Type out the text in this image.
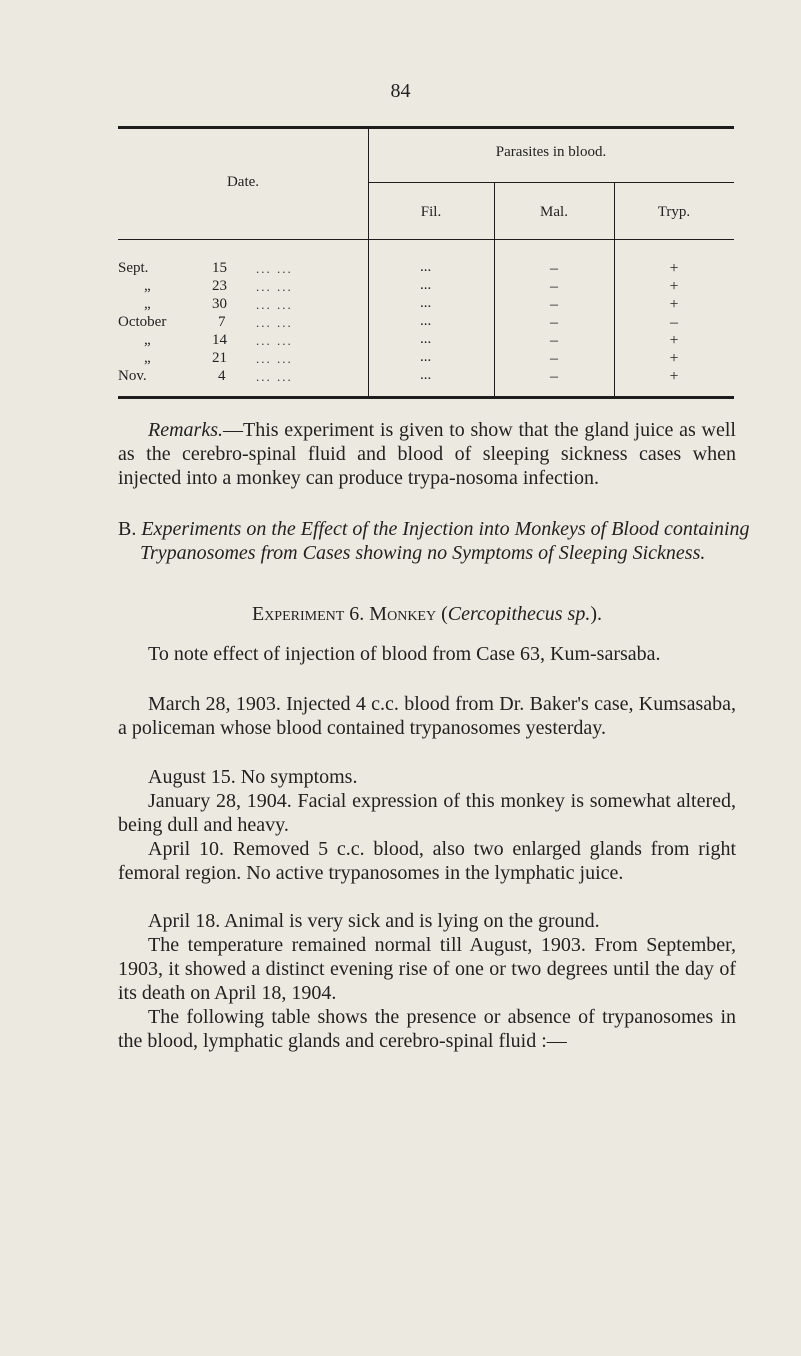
84
Date.
Parasites in blood.
Fil.	Mal.	Tryp.
Sept.	15 ... ...	...	–	+
„	23 ... ...	...	–	+
„	30 ... ...	...	–	+
October	7 ... ...	...	–	–
„	14 ... ...	...	–	+
„	21 ... ...	...	–	+
Nov.	4 ... ...	...	–	+
Remarks.—This experiment is given to show that the gland juice as well as the cerebro-spinal fluid and blood of sleeping sickness cases when injected into a monkey can produce trypa-nosoma infection.
B. Experiments on the Effect of the Injection into Monkeys of Blood containing Trypanosomes from Cases showing no Symptoms of Sleeping Sickness.
Experiment 6. Monkey (Cercopithecus sp.).
To note effect of injection of blood from Case 63, Kum-sarsaba.
March 28, 1903. Injected 4 c.c. blood from Dr. Baker's case, Kumsasaba, a policeman whose blood contained trypanosomes yesterday.
August 15. No symptoms.
January 28, 1904. Facial expression of this monkey is somewhat altered, being dull and heavy.
April 10. Removed 5 c.c. blood, also two enlarged glands from right femoral region. No active trypanosomes in the lymphatic juice.
April 18. Animal is very sick and is lying on the ground.
The temperature remained normal till August, 1903. From September, 1903, it showed a distinct evening rise of one or two degrees until the day of its death on April 18, 1904.
The following table shows the presence or absence of trypanosomes in the blood, lymphatic glands and cerebro-spinal fluid :—
